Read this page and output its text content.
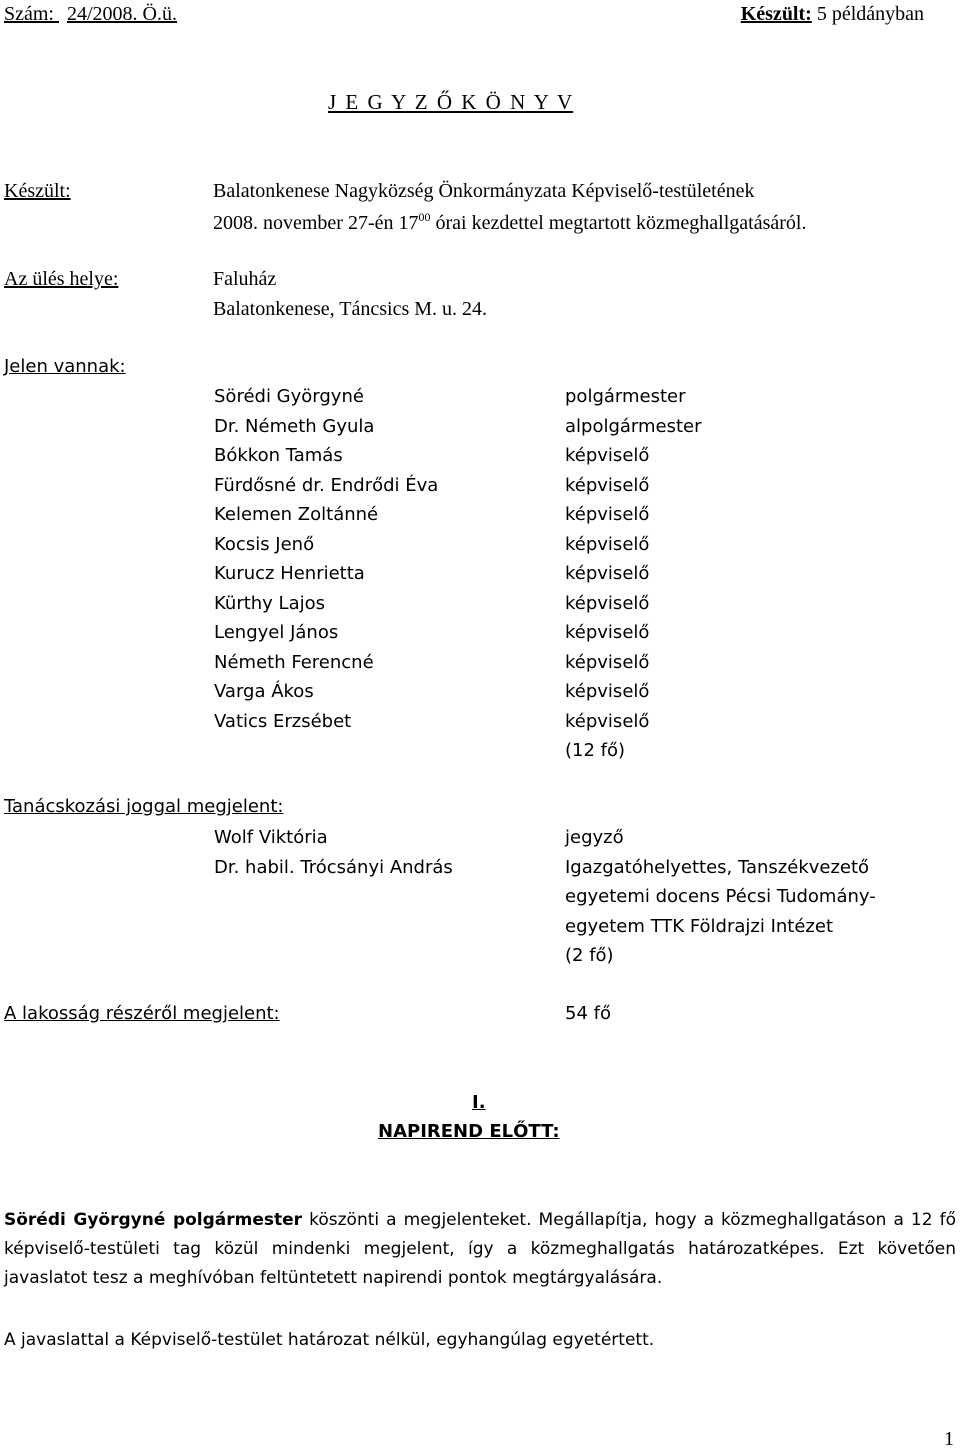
Szám: 24/2008. Ö.ü.	Készült: 5 példányban
J E G Y Z Ő K Ö N Y V
Készült:	Balatonkenese Nagyközség Önkormányzata Képviselő-testületének
2008. november 27-én $17^{00}$ órai kezdettel megtartott közmeghallgatásáról.
Az ülés helye:	Faluház
Balatonkenese, Táncsics M. u. 24.
Jelen vannak:
Sörédi Györgyné	polgármester
Dr. Németh Gyula	alpolgármester
Bókkon Tamás	képviselő
Fürdősné dr. Endrődi Éva	képviselő
Kelemen Zoltánné	képviselő
Kocsis Jenő	képviselő
Kurucz Henrietta	képviselő
Kürthy Lajos	képviselő
Lengyel János	képviselő
Németh Ferencné	képviselő
Varga Ákos	képviselő
Vatics Erzsébet	képviselő
(12 fő)
Tanácskozási joggal megjelent:
Wolf Viktória	jegyző
Dr. habil. Trócsányi András	Igazgatóhelyettes, Tanszékvezető
egyetemi docens Pécsi Tudomány-
egyetem TTK Földrajzi Intézet
(2 fő)
A lakosság részéről megjelent:	54 fő
I.
NAPIREND ELŐTT:
Sörédi Györgyné polgármester köszönti a megjelenteket. Megállapítja, hogy a közmeghallgatáson a 12 fő képviselő-testületi tag közül mindenki megjelent, így a közmeghallgatás határozatképes. Ezt követően javaslatot tesz a meghívóban feltüntetett napirendi pontok megtárgyalására.
A javaslattal a Képviselő-testület határozat nélkül, egyhangúlag egyetértett.
1
